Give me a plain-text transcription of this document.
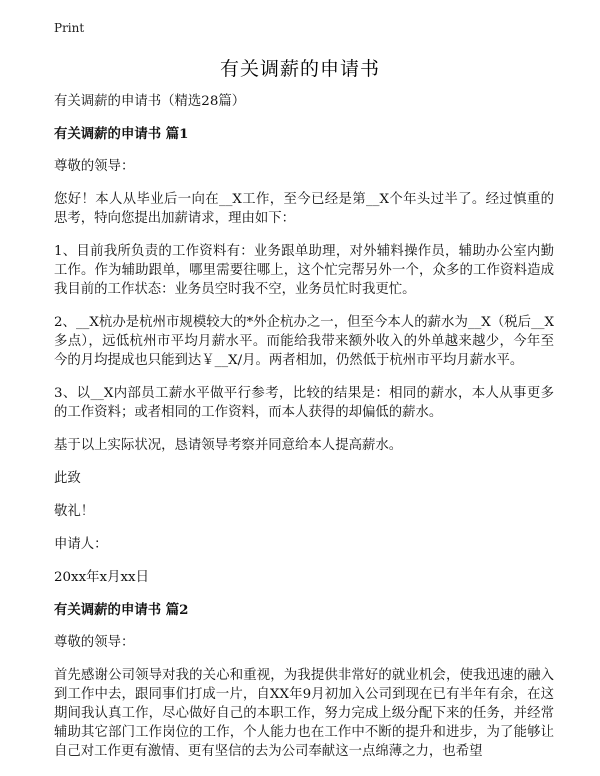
Print
有关调薪的申请书

有关调薪的申请书（精选28篇）

有关调薪的申请书 篇1

尊敬的领导：

您好！本人从毕业后一向在__X工作，至今已经是第__X个年头过半了。经过慎重的思考，特向您提出加薪请求，理由如下：

1、目前我所负责的工作资料有：业务跟单助理，对外辅料操作员，辅助办公室内勤工作。作为辅助跟单，哪里需要往哪上，这个忙完帮另外一个，众多的工作资料造成我目前的工作状态：业务员空时我不空，业务员忙时我更忙。

2、__X杭办是杭州市规模较大的*外企杭办之一，但至今本人的薪水为__X（税后__X多点），远低杭州市平均月薪水平。而能给我带来额外收入的外单越来越少，今年至今的月均提成也只能到达￥__X/月。两者相加，仍然低于杭州市平均月薪水平。

3、以__X内部员工薪水平做平行参考，比较的结果是：相同的薪水，本人从事更多的工作资料；或者相同的工作资料，而本人获得的却偏低的薪水。

基于以上实际状况，恳请领导考察并同意给本人提高薪水。

此致

敬礼！

申请人：

20xx年x月xx日

有关调薪的申请书 篇2

尊敬的领导：

首先感谢公司领导对我的关心和重视，为我提供非常好的就业机会，使我迅速的融入到工作中去，跟同事们打成一片，自XX年9月初加入公司到现在已有半年有余，在这期间我认真工作，尽心做好自己的本职工作，努力完成上级分配下来的任务，并经常辅助其它部门工作岗位的工作，个人能力也在工作中不断的提升和进步，为了能够让自己对工作更有激情、更有坚信的去为公司奉献这一点绵薄之力，也希望
